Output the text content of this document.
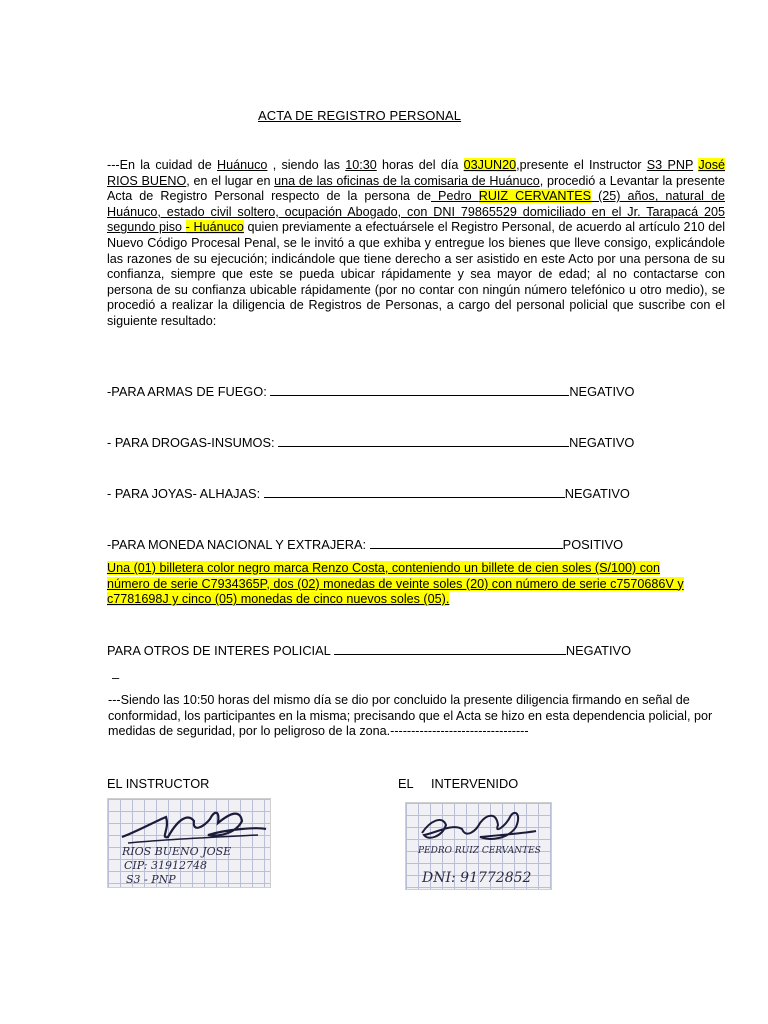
ACTA DE REGISTRO PERSONAL
---En la cuidad de Huánuco , siendo las 10:30 horas del día 03JUN20,presente el Instructor S3 PNP José RIOS BUENO, en el lugar en una de las oficinas de la comisaria de Huánuco, procedió a Levantar la presente Acta de Registro Personal respecto de la persona de Pedro RUIZ CERVANTES (25) años, natural de Huánuco, estado civil soltero, ocupación Abogado, con DNI 79865529 domiciliado en el Jr. Tarapacá 205 segundo piso - Huánuco quien previamente a efectuársele el Registro Personal, de acuerdo al artículo 210 del Nuevo Código Procesal Penal, se le invitó a que exhiba y entregue los bienes que lleve consigo, explicándole las razones de su ejecución; indicándole que tiene derecho a ser asistido en este Acto por una persona de su confianza, siempre que este se pueda ubicar rápidamente y sea mayor de edad; al no contactarse con persona de su confianza ubicable rápidamente (por no contar con ningún número telefónico u otro medio), se procedió a realizar la diligencia de Registros de Personas, a cargo del personal policial que suscribe con el siguiente resultado:
-PARA ARMAS DE FUEGO:	NEGATIVO
- PARA DROGAS-INSUMOS:	NEGATIVO
- PARA JOYAS- ALHAJAS:	NEGATIVO
-PARA MONEDA NACIONAL Y EXTRAJERA:	POSITIVO
Una (01) billetera color negro marca Renzo Costa, conteniendo un billete de cien soles (S/100) con número de serie C7934365P, dos (02) monedas de veinte soles (20) con número de serie c7570686V y c7781698J y cinco (05) monedas de cinco nuevos soles (05).
PARA OTROS DE INTERES POLICIAL	NEGATIVO
–
---Siendo las 10:50 horas del mismo día se dio por concluido la presente diligencia firmando en señal de conformidad, los participantes en la misma; precisando que el Acta se hizo en esta dependencia policial, por medidas de seguridad, por lo peligroso de la zona.---------------------------------
EL INSTRUCTOR	EL     INTERVENIDO
RIOS BUENO JOSE
CIP: 31912748
S3 - PNP
PEDRO RUIZ CERVANTES
DNI: 91772852
